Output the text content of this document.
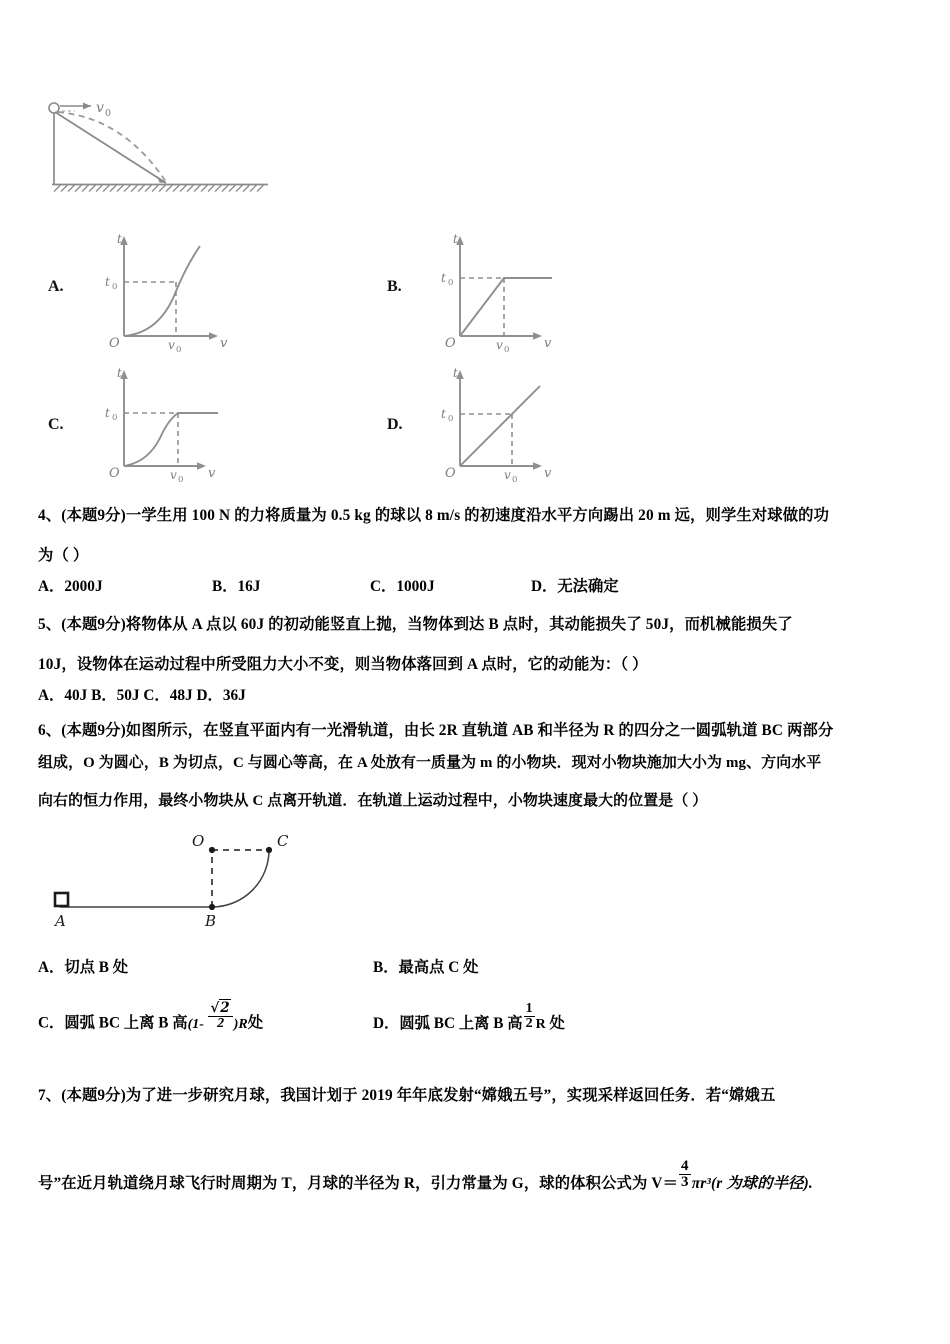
v 0
A.
t
t 0
O	v 0	v
B.
t
t 0
O	v 0	v
C.
t
t 0
O	v 0 v
D.
t
t 0
O	v 0 v
4、(本题9分)一学生用 100 N 的力将质量为 0.5 kg 的球以 8 m/s 的初速度沿水平方向踢出 20 m 远，则学生对球做的功
为（ ）
A．2000J	B．16J	C．1000J	D．无法确定
5、(本题9分)将物体从 A 点以 60J 的初动能竖直上抛，当物体到达 B 点时，其动能损失了 50J，而机械能损失了
10J，设物体在运动过程中所受阻力大小不变，则当物体落回到 A 点时，它的动能为：（ ）
A．40J B．50J C．48J D．36J
6、(本题9分)如图所示，在竖直平面内有一光滑轨道，由长 2R 直轨道 AB 和半径为 R 的四分之一圆弧轨道 BC 两部分
组成，O 为圆心，B 为切点，C 与圆心等高，在 A 处放有一质量为 m 的小物块．现对小物块施加大小为 mg、方向水平
向右的恒力作用，最终小物块从 C 点离开轨道．在轨道上运动过程中，小物块速度最大的位置是（ ）
A	B
O	C
A．切点 B 处	B．最高点 C 处
C．圆弧 BC 上离 B 高$(1- \frac{√2}{2} )R$处	D．圆弧 BC 上离 B 高 $\frac{1}{2}$ R 处
7、(本题9分)为了进一步研究月球，我国计划于 2019 年年底发射“嫦娥五号”，实现采样返回任务．若“嫦娥五
号”在近月轨道绕月球飞行时周期为 T，月球的半径为 R，引力常量为 G，球的体积公式为 $V= \frac{4}{3} \pi r^3(r$ 为球的半径).
